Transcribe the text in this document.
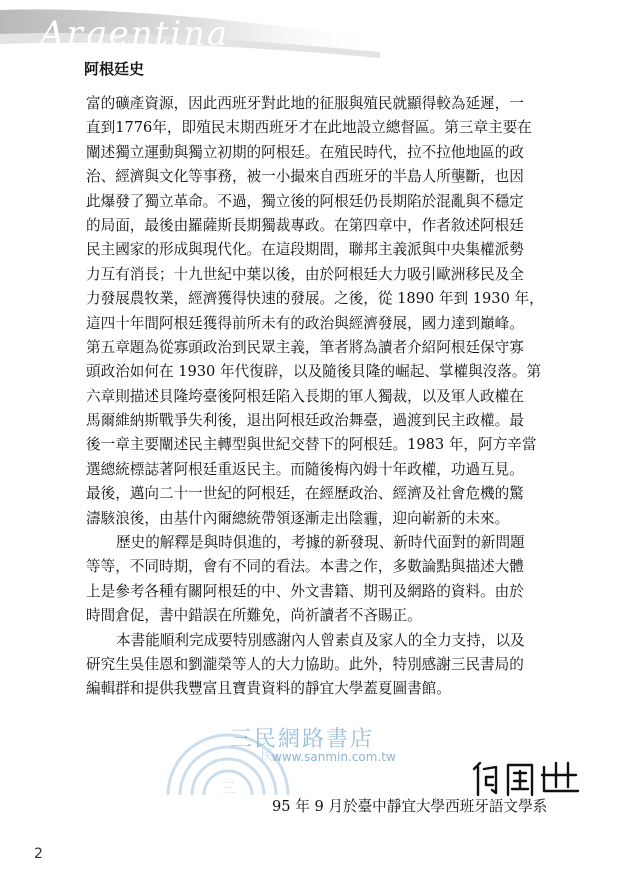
Argentina
阿根廷史
富的礦產資源，因此西班牙對此地的征服與殖民就顯得較為延遲，一
直到1776年，即殖民末期西班牙才在此地設立總督區。第三章主要在
闡述獨立運動與獨立初期的阿根廷。在殖民時代，拉不拉他地區的政
治、經濟與文化等事務，被一小撮來自西班牙的半島人所壟斷，也因
此爆發了獨立革命。不過，獨立後的阿根廷仍長期陷於混亂與不穩定
的局面，最後由羅薩斯長期獨裁專政。在第四章中，作者敘述阿根廷
民主國家的形成與現代化。在這段期間，聯邦主義派與中央集權派勢
力互有消長；十九世紀中葉以後，由於阿根廷大力吸引歐洲移民及全
力發展農牧業，經濟獲得快速的發展。之後，從 1890 年到 1930 年，
這四十年間阿根廷獲得前所未有的政治與經濟發展，國力達到巔峰。
第五章題為從寡頭政治到民眾主義，筆者將為讀者介紹阿根廷保守寡
頭政治如何在 1930 年代復辟，以及隨後貝隆的崛起、掌權與沒落。第
六章則描述貝隆垮臺後阿根廷陷入長期的軍人獨裁，以及軍人政權在
馬爾維納斯戰爭失利後，退出阿根廷政治舞臺，過渡到民主政權。最
後一章主要闡述民主轉型與世紀交替下的阿根廷。1983 年，阿方辛當
選總統標誌著阿根廷重返民主。而隨後梅內姆十年政權，功過互見。
最後，邁向二十一世紀的阿根廷，在經歷政治、經濟及社會危機的驚
濤駭浪後，由基什內爾總統帶領逐漸走出陰霾，迎向嶄新的未來。
歷史的解釋是與時俱進的，考據的新發現、新時代面對的新問題
等等，不同時期，會有不同的看法。本書之作，多數論點與描述大體
上是參考各種有關阿根廷的中、外文書籍、期刊及網路的資料。由於
時間倉促，書中錯誤在所難免，尚祈讀者不吝賜正。
本書能順利完成要特別感謝內人曾素貞及家人的全力支持，以及
研究生吳佳恩和劉瀧榮等人的大力協助。此外，特別感謝三民書局的
編輯群和提供我豐富且寶貴資料的靜宜大學蓋夏圖書館。
三
民
三民網路書店
www.sanmin.com.tw
95 年 9 月於臺中靜宜大學西班牙語文學系
2
